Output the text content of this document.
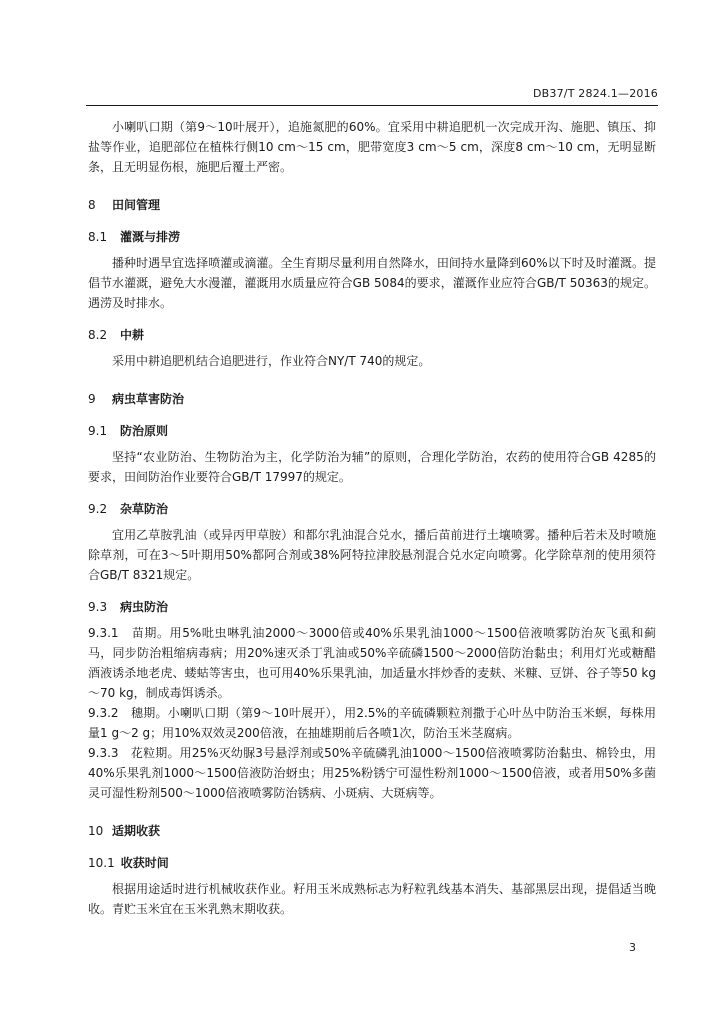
DB37/T 2824.1—2016

小喇叭口期（第9～10叶展开），追施氮肥的60%。宜采用中耕追肥机一次完成开沟、施肥、镇压、抑盐等作业，追肥部位在植株行侧10 cm～15 cm，肥带宽度3 cm～5 cm，深度8 cm～10 cm，无明显断条，且无明显伤根，施肥后覆土严密。

8 田间管理
8.1 灌溉与排涝

播种时遇旱宜选择喷灌或滴灌。全生育期尽量利用自然降水，田间持水量降到60%以下时及时灌溉。提倡节水灌溉，避免大水漫灌，灌溉用水质量应符合GB 5084的要求，灌溉作业应符合GB/T 50363的规定。遇涝及时排水。

8.2 中耕

采用中耕追肥机结合追肥进行，作业符合NY/T 740的规定。

9 病虫草害防治
9.1 防治原则

坚持“农业防治、生物防治为主，化学防治为辅”的原则，合理化学防治，农药的使用符合GB 4285的要求，田间防治作业要符合GB/T 17997的规定。

9.2 杂草防治

宜用乙草胺乳油（或异丙甲草胺）和都尔乳油混合兑水，播后苗前进行土壤喷雾。播种后若未及时喷施除草剂，可在3～5叶期用50%都阿合剂或38%阿特拉津胶悬剂混合兑水定向喷雾。化学除草剂的使用须符合GB/T 8321规定。

9.3 病虫防治

9.3.1　苗期。用5%吡虫啉乳油2000～3000倍或40%乐果乳油1000～1500倍液喷雾防治灰飞虱和蓟马，同步防治粗缩病毒病；用20%速灭杀丁乳油或50%辛硫磷1500～2000倍防治黏虫；利用灯光或糖醋酒液诱杀地老虎、蝼蛄等害虫，也可用40%乐果乳油，加适量水拌炒香的麦麸、米糠、豆饼、谷子等50 kg～70 kg，制成毒饵诱杀。

9.3.2　穗期。小喇叭口期（第9～10叶展开），用2.5%的辛硫磷颗粒剂撒于心叶丛中防治玉米螟，每株用量1 g～2 g；用10%双效灵200倍液，在抽雄期前后各喷1次，防治玉米茎腐病。

9.3.3　花粒期。用25%灭幼脲3号悬浮剂或50%辛硫磷乳油1000～1500倍液喷雾防治黏虫、棉铃虫，用40%乐果乳剂1000～1500倍液防治蚜虫；用25%粉锈宁可湿性粉剂1000～1500倍液，或者用50%多菌灵可湿性粉剂500～1000倍液喷雾防治锈病、小斑病、大斑病等。

10 适期收获
10.1 收获时间

根据用途适时进行机械收获作业。籽用玉米成熟标志为籽粒乳线基本消失、基部黑层出现，提倡适当晚收。青贮玉米宜在玉米乳熟末期收获。

3
